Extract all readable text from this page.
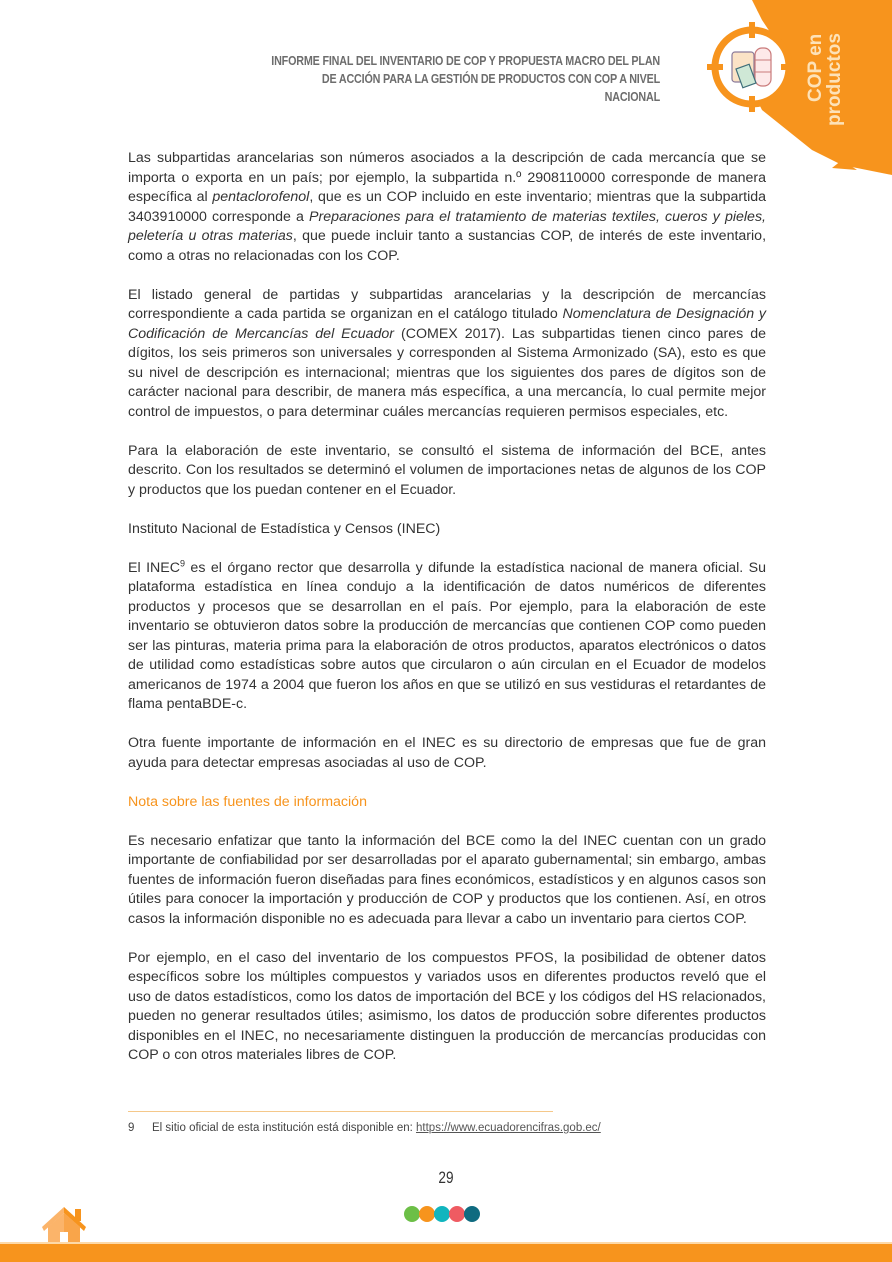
INFORME FINAL DEL INVENTARIO DE COP Y PROPUESTA MACRO DEL PLAN
DE ACCIÓN PARA LA GESTIÓN DE PRODUCTOS CON COP A NIVEL NACIONAL	COP en
productos

Las subpartidas arancelarias son números asociados a la descripción de cada mercancía que se importa o exporta en un país; por ejemplo, la subpartida n.º 2908110000 corresponde de manera específica al pentaclorofenol, que es un COP incluido en este inventario; mientras que la subpartida 3403910000 corresponde a Preparaciones para el tratamiento de materias textiles, cueros y pieles, peletería u otras materias, que puede incluir tanto a sustancias COP, de interés de este inventario, como a otras no relacionadas con los COP.

El listado general de partidas y subpartidas arancelarias y la descripción de mercancías correspondiente a cada partida se organizan en el catálogo titulado Nomenclatura de Designación y Codificación de Mercancías del Ecuador (COMEX 2017). Las subpartidas tienen cinco pares de dígitos, los seis primeros son universales y corresponden al Sistema Armonizado (SA), esto es que su nivel de descripción es internacional; mientras que los siguientes dos pares de dígitos son de carácter nacional para describir, de manera más específica, a una mercancía, lo cual permite mejor control de impuestos, o para determinar cuáles mercancías requieren permisos especiales, etc.

Para la elaboración de este inventario, se consultó el sistema de información del BCE, antes descrito. Con los resultados se determinó el volumen de importaciones netas de algunos de los COP y productos que los puedan contener en el Ecuador.

Instituto Nacional de Estadística y Censos (INEC)

El INEC$^9$ es el órgano rector que desarrolla y difunde la estadística nacional de manera oficial. Su plataforma estadística en línea condujo a la identificación de datos numéricos de diferentes productos y procesos que se desarrollan en el país. Por ejemplo, para la elaboración de este inventario se obtuvieron datos sobre la producción de mercancías que contienen COP como pueden ser las pinturas, materia prima para la elaboración de otros productos, aparatos electrónicos o datos de utilidad como estadísticas sobre autos que circularon o aún circulan en el Ecuador de modelos americanos de 1974 a 2004 que fueron los años en que se utilizó en sus vestiduras el retardantes de flama pentaBDE-c.

Otra fuente importante de información en el INEC es su directorio de empresas que fue de gran ayuda para detectar empresas asociadas al uso de COP.

Nota sobre las fuentes de información

Es necesario enfatizar que tanto la información del BCE como la del INEC cuentan con un grado importante de confiabilidad por ser desarrolladas por el aparato gubernamental; sin embargo, ambas fuentes de información fueron diseñadas para fines económicos, estadísticos y en algunos casos son útiles para conocer la importación y producción de COP y productos que los contienen. Así, en otros casos la información disponible no es adecuada para llevar a cabo un inventario para ciertos COP.

Por ejemplo, en el caso del inventario de los compuestos PFOS, la posibilidad de obtener datos específicos sobre los múltiples compuestos y variados usos en diferentes productos reveló que el uso de datos estadísticos, como los datos de importación del BCE y los códigos del HS relacionados, pueden no generar resultados útiles; asimismo, los datos de producción sobre diferentes productos disponibles en el INEC, no necesariamente distinguen la producción de mercancías producidas con COP o con otros materiales libres de COP.

9 El sitio oficial de esta institución está disponible en: https://www.ecuadorencifras.gob.ec/
29
